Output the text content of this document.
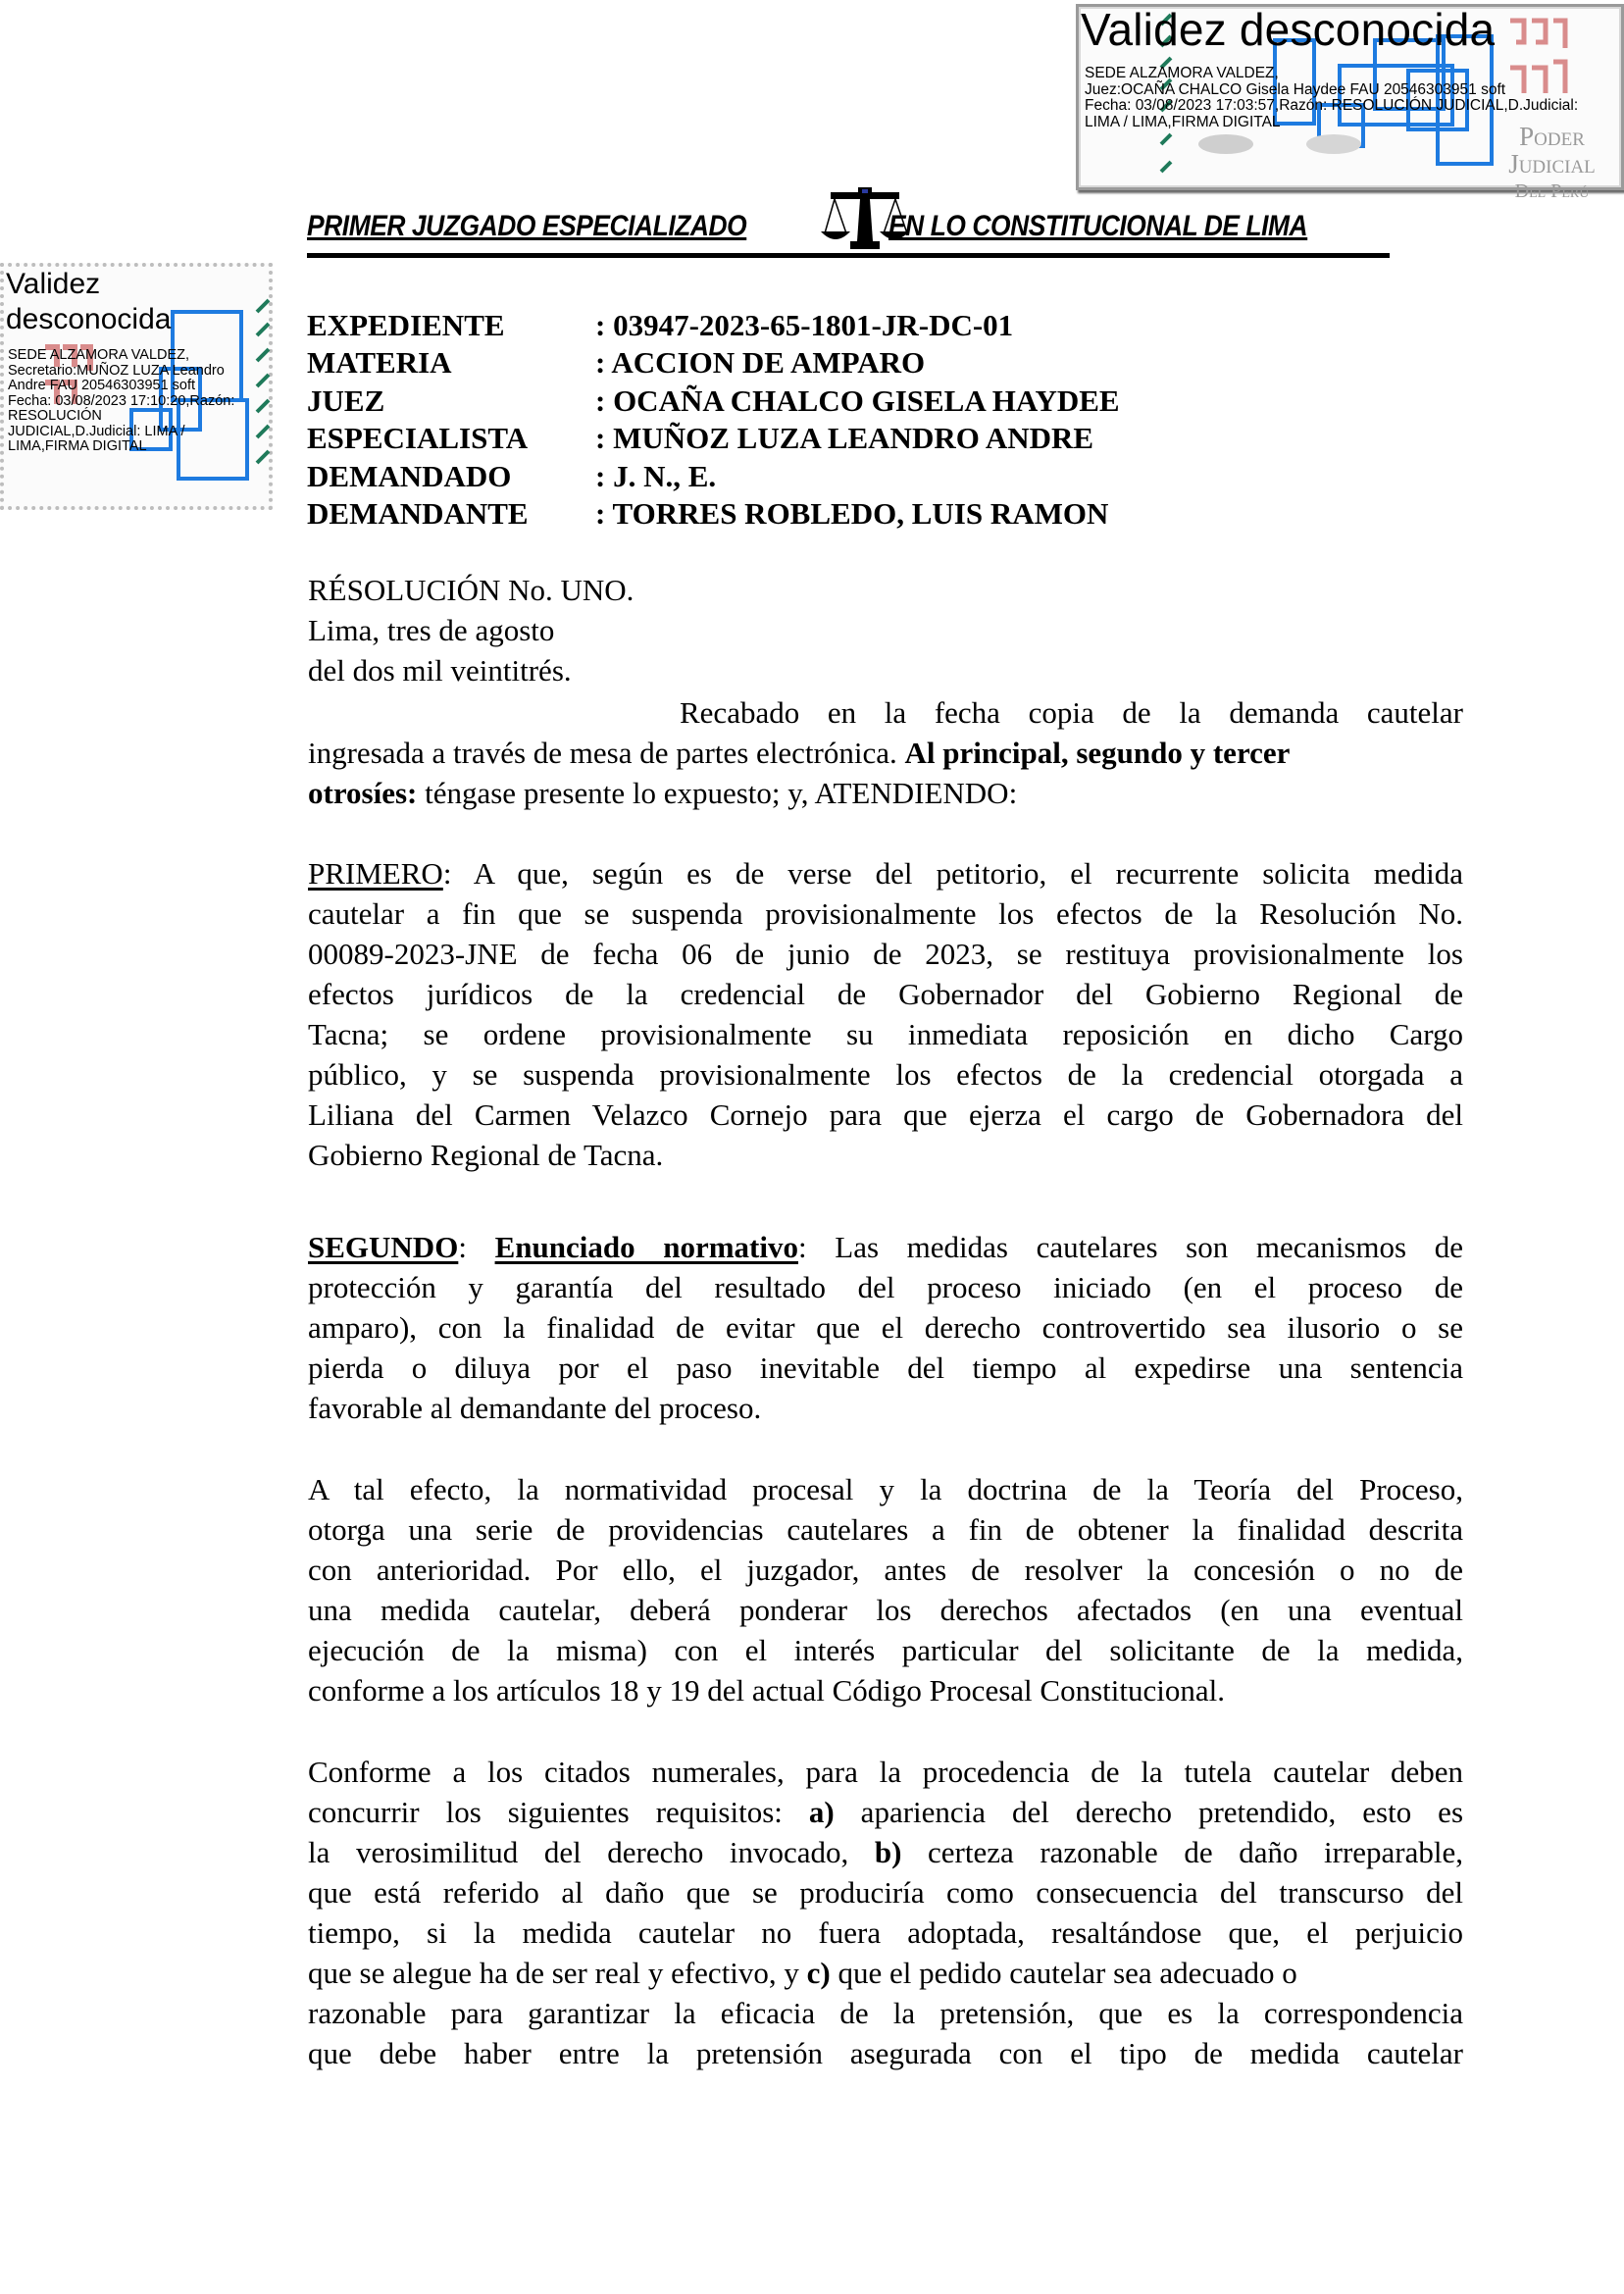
Validez desconocida
SEDE ALZAMORA VALDEZ,
Juez:OCAÑA CHALCO Gisela Haydee FAU 20546303951 soft
Fecha: 03/08/2023 17:03:57,Razón: RESOLUCIÓN JUDICIAL,D.Judicial:
LIMA / LIMA,FIRMA DIGITAL	Poder Judicial
Del Perú
Validez desconocida
SEDE ALZAMORA VALDEZ,
Secretario:MUÑOZ LUZA Leandro
Andre FAU 20546303951 soft
Fecha: 03/08/2023 17:10:20,Razón:
RESOLUCIÓN
JUDICIAL,D.Judicial: LIMA /
LIMA,FIRMA DIGITAL
PRIMER JUZGADO ESPECIALIZADO	EN LO CONSTITUCIONAL DE LIMA
EXPEDIENTE	: 03947-2023-65-1801-JR-DC-01
MATERIA	: ACCION DE AMPARO
JUEZ	: OCAÑA CHALCO GISELA HAYDEE
ESPECIALISTA : MUÑOZ LUZA LEANDRO ANDRE
DEMANDADO	: J. N., E.
DEMANDANTE : TORRES ROBLEDO, LUIS RAMON
RÉSOLUCIÓN No. UNO.
Lima, tres de agosto
del dos mil veintitrés.
Recabado en la fecha copia de la demanda cautelar
ingresada a través de mesa de partes electrónica. Al principal, segundo y tercer
otrosíes: téngase presente lo expuesto; y, ATENDIENDO:
PRIMERO: A que, según es de verse del petitorio, el recurrente solicita medida
cautelar a fin que se suspenda provisionalmente los efectos de la Resolución No.
00089-2023-JNE de fecha 06 de junio de 2023, se restituya provisionalmente los
efectos jurídicos de la credencial de Gobernador del Gobierno Regional de
Tacna; se ordene provisionalmente su inmediata reposición en dicho Cargo
público, y se suspenda provisionalmente los efectos de la credencial otorgada a
Liliana del Carmen Velazco Cornejo para que ejerza el cargo de Gobernadora del
Gobierno Regional de Tacna.
SEGUNDO: Enunciado normativo: Las medidas cautelares son mecanismos de
protección y garantía del resultado del proceso iniciado (en el proceso de
amparo), con la finalidad de evitar que el derecho controvertido sea ilusorio o se
pierda o diluya por el paso inevitable del tiempo al expedirse una sentencia
favorable al demandante del proceso.
A tal efecto, la normatividad procesal y la doctrina de la Teoría del Proceso,
otorga una serie de providencias cautelares a fin de obtener la finalidad descrita
con anterioridad. Por ello, el juzgador, antes de resolver la concesión o no de
una medida cautelar, deberá ponderar los derechos afectados (en una eventual
ejecución de la misma) con el interés particular del solicitante de la medida,
conforme a los artículos 18 y 19 del actual Código Procesal Constitucional.
Conforme a los citados numerales, para la procedencia de la tutela cautelar deben
concurrir los siguientes requisitos: a) apariencia del derecho pretendido, esto es
la verosimilitud del derecho invocado, b) certeza razonable de daño irreparable,
que está referido al daño que se produciría como consecuencia del transcurso del
tiempo, si la medida cautelar no fuera adoptada, resaltándose que, el perjuicio
que se alegue ha de ser real y efectivo, y c) que el pedido cautelar sea adecuado o
razonable para garantizar la eficacia de la pretensión, que es la correspondencia
que debe haber entre la pretensión asegurada con el tipo de medida cautelar
